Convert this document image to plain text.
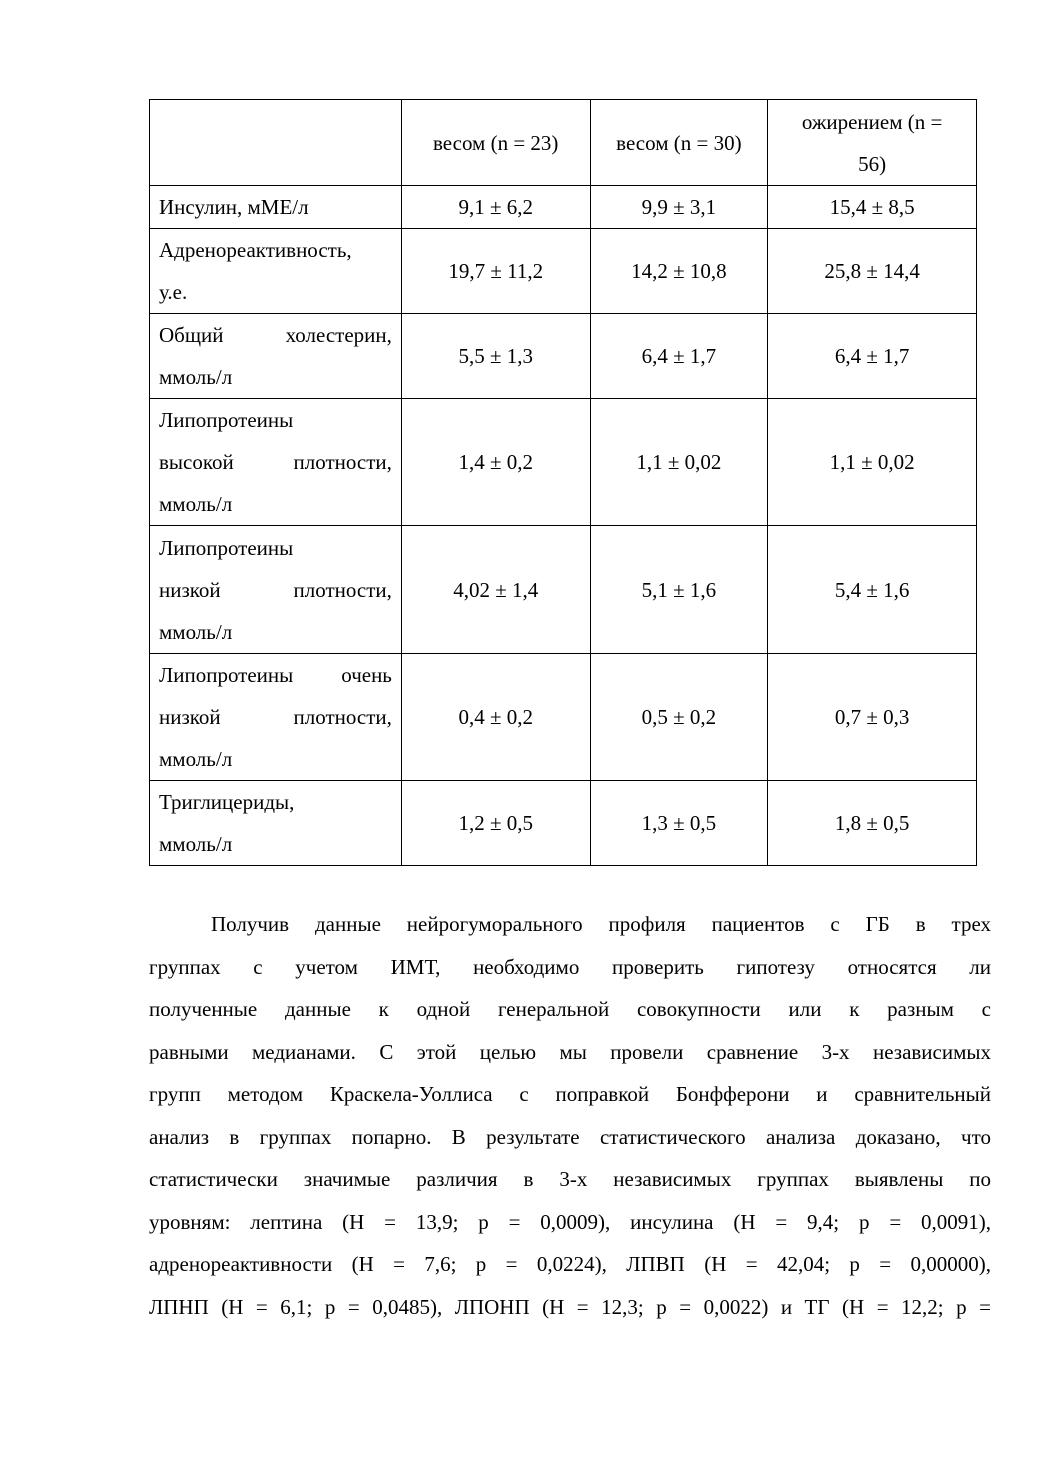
	весом (n = 23)	весом (n = 30)	ожирением (n =
56)

Инсулин, мМЕ/л	9,1 ± 6,2	9,9 ± 3,1	15,4 ± 8,5

Адренореактивность,
у.е.	19,7 ± 11,2	14,2 ± 10,8	25,8 ± 14,4

Общий холестерин,
ммоль/л	5,5 ± 1,3	6,4 ± 1,7	6,4 ± 1,7

Липопротеины
высокой плотности,
ммоль/л	1,4 ± 0,2	1,1 ± 0,02	1,1 ± 0,02

Липопротеины
низкой плотности,
ммоль/л	4,02 ± 1,4	5,1 ± 1,6	5,4 ± 1,6

Липопротеины очень
низкой плотности,
ммоль/л	0,4 ± 0,2	0,5 ± 0,2	0,7 ± 0,3

Триглицериды,
ммоль/л	1,2 ± 0,5	1,3 ± 0,5	1,8 ± 0,5
Получив данные нейрогуморального профиля пациентов с ГБ в трех
группах с учетом ИМТ, необходимо проверить гипотезу относятся ли
полученные данные к одной генеральной совокупности или к разным с
равными медианами. С этой целью мы провели сравнение 3-х независимых
групп методом Краскела-Уоллиса с поправкой Бонфферони и сравнительный
анализ в группах попарно. В результате статистического анализа доказано, что
статистически значимые различия в 3-х независимых группах выявлены по
уровням: лептина (Н = 13,9; р = 0,0009), инсулина (Н = 9,4; р = 0,0091),
адренореактивности (Н = 7,6; р = 0,0224), ЛПВП (Н = 42,04; р = 0,00000),
ЛПНП (Н = 6,1; р = 0,0485), ЛПОНП (Н = 12,3; р = 0,0022) и ТГ (Н = 12,2; р =
